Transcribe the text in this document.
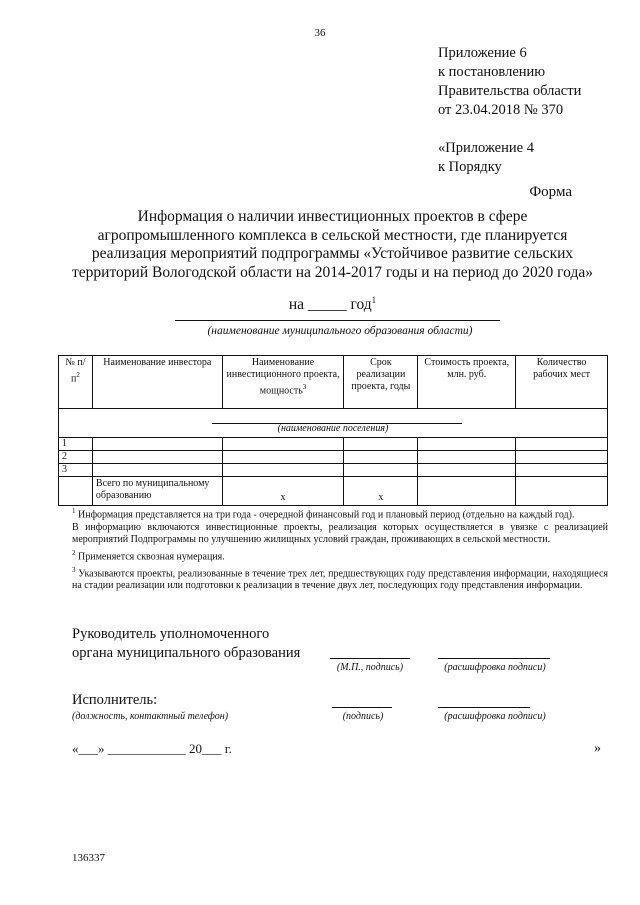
36
Приложение 6
к постановлению
Правительства области
от 23.04.2018 № 370
«Приложение 4
к Порядку
Форма
Информация о наличии инвестиционных проектов в сфере агропромышленного комплекса в сельской местности, где планируется реализация мероприятий подпрограммы «Устойчивое развитие сельских территорий Вологодской области на 2014-2017 годы и на период до 2020 года»
на _____ год$^1$
(наименование муниципального образования области)
№ $п/п^2$	Наименование инвестора	Наименование инвестиционного проекта, мощность$^3$	Срок реализации проекта, годы	Стоимость проекта, млн. руб.	Количество рабочих мест

(наименование поселения)					

1					
2					
3					
	Всего по муниципальному образованию	х	х		

$^1$ Информация представляется на три года - очередной финансовый год и плановый период (отдельно на каждый год).

В информацию включаются инвестиционные проекты, реализация которых осуществляется в увязке с реализацией мероприятий Подпрограммы по улучшению жилищных условий граждан, проживающих в сельской местности.

$^2$ Применяется сквозная нумерация.

$^3$ Указываются проекты, реализованные в течение трех лет, предшествующих году представления информации, находящиеся на стадии реализации или подготовки к реализации в течение двух лет, последующих году представления информации.

Руководитель уполномоченного
органа муниципального образования
(М.П., подпись)	(расшифровка подписи)
Исполнитель:
(должность, контактный телефон)	(подпись)	(расшифровка подписи)
«___» ____________ 20___ г.	»
136337
